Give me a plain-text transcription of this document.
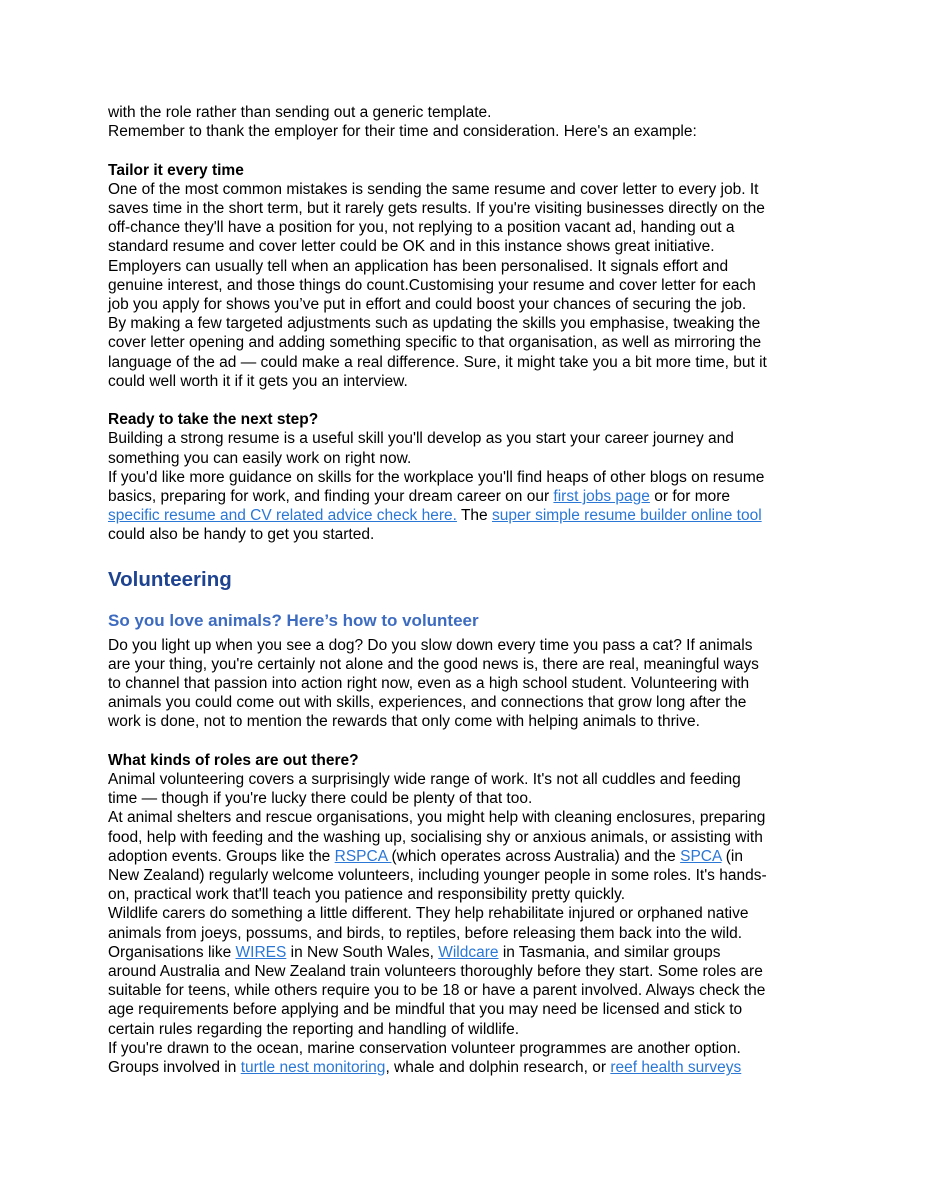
with the role rather than sending out a generic template.
Remember to thank the employer for their time and consideration. Here's an example:
Tailor it every time
One of the most common mistakes is sending the same resume and cover letter to every job. It
saves time in the short term, but it rarely gets results. If you're visiting businesses directly on the
off-chance they'll have a position for you, not replying to a position vacant ad, handing out a
standard resume and cover letter could be OK and in this instance shows great initiative.
Employers can usually tell when an application has been personalised. It signals effort and
genuine interest, and those things do count.Customising your resume and cover letter for each
job you apply for shows you’ve put in effort and could boost your chances of securing the job.
By making a few targeted adjustments such as updating the skills you emphasise, tweaking the
cover letter opening and adding something specific to that organisation, as well as mirroring the
language of the ad — could make a real difference. Sure, it might take you a bit more time, but it
could well worth it if it gets you an interview.
Ready to take the next step?
Building a strong resume is a useful skill you'll develop as you start your career journey and
something you can easily work on right now.
If you'd like more guidance on skills for the workplace you'll find heaps of other blogs on resume
basics, preparing for work, and finding your dream career on our first jobs page or for more
specific resume and CV related advice check here. The super simple resume builder online tool
could also be handy to get you started.
Volunteering
So you love animals? Here’s how to volunteer
Do you light up when you see a dog? Do you slow down every time you pass a cat? If animals
are your thing, you're certainly not alone and the good news is, there are real, meaningful ways
to channel that passion into action right now, even as a high school student. Volunteering with
animals you could come out with skills, experiences, and connections that grow long after the
work is done, not to mention the rewards that only come with helping animals to thrive.
What kinds of roles are out there?
Animal volunteering covers a surprisingly wide range of work. It's not all cuddles and feeding
time — though if you're lucky there could be plenty of that too.
At animal shelters and rescue organisations, you might help with cleaning enclosures, preparing
food, help with feeding and the washing up, socialising shy or anxious animals, or assisting with
adoption events. Groups like the RSPCA (which operates across Australia) and the SPCA (in
New Zealand) regularly welcome volunteers, including younger people in some roles. It's hands-
on, practical work that'll teach you patience and responsibility pretty quickly.
Wildlife carers do something a little different. They help rehabilitate injured or orphaned native
animals from joeys, possums, and birds, to reptiles, before releasing them back into the wild.
Organisations like WIRES in New South Wales, Wildcare in Tasmania, and similar groups
around Australia and New Zealand train volunteers thoroughly before they start. Some roles are
suitable for teens, while others require you to be 18 or have a parent involved. Always check the
age requirements before applying and be mindful that you may need be licensed and stick to
certain rules regarding the reporting and handling of wildlife.
If you're drawn to the ocean, marine conservation volunteer programmes are another option.
Groups involved in turtle nest monitoring, whale and dolphin research, or reef health surveys
